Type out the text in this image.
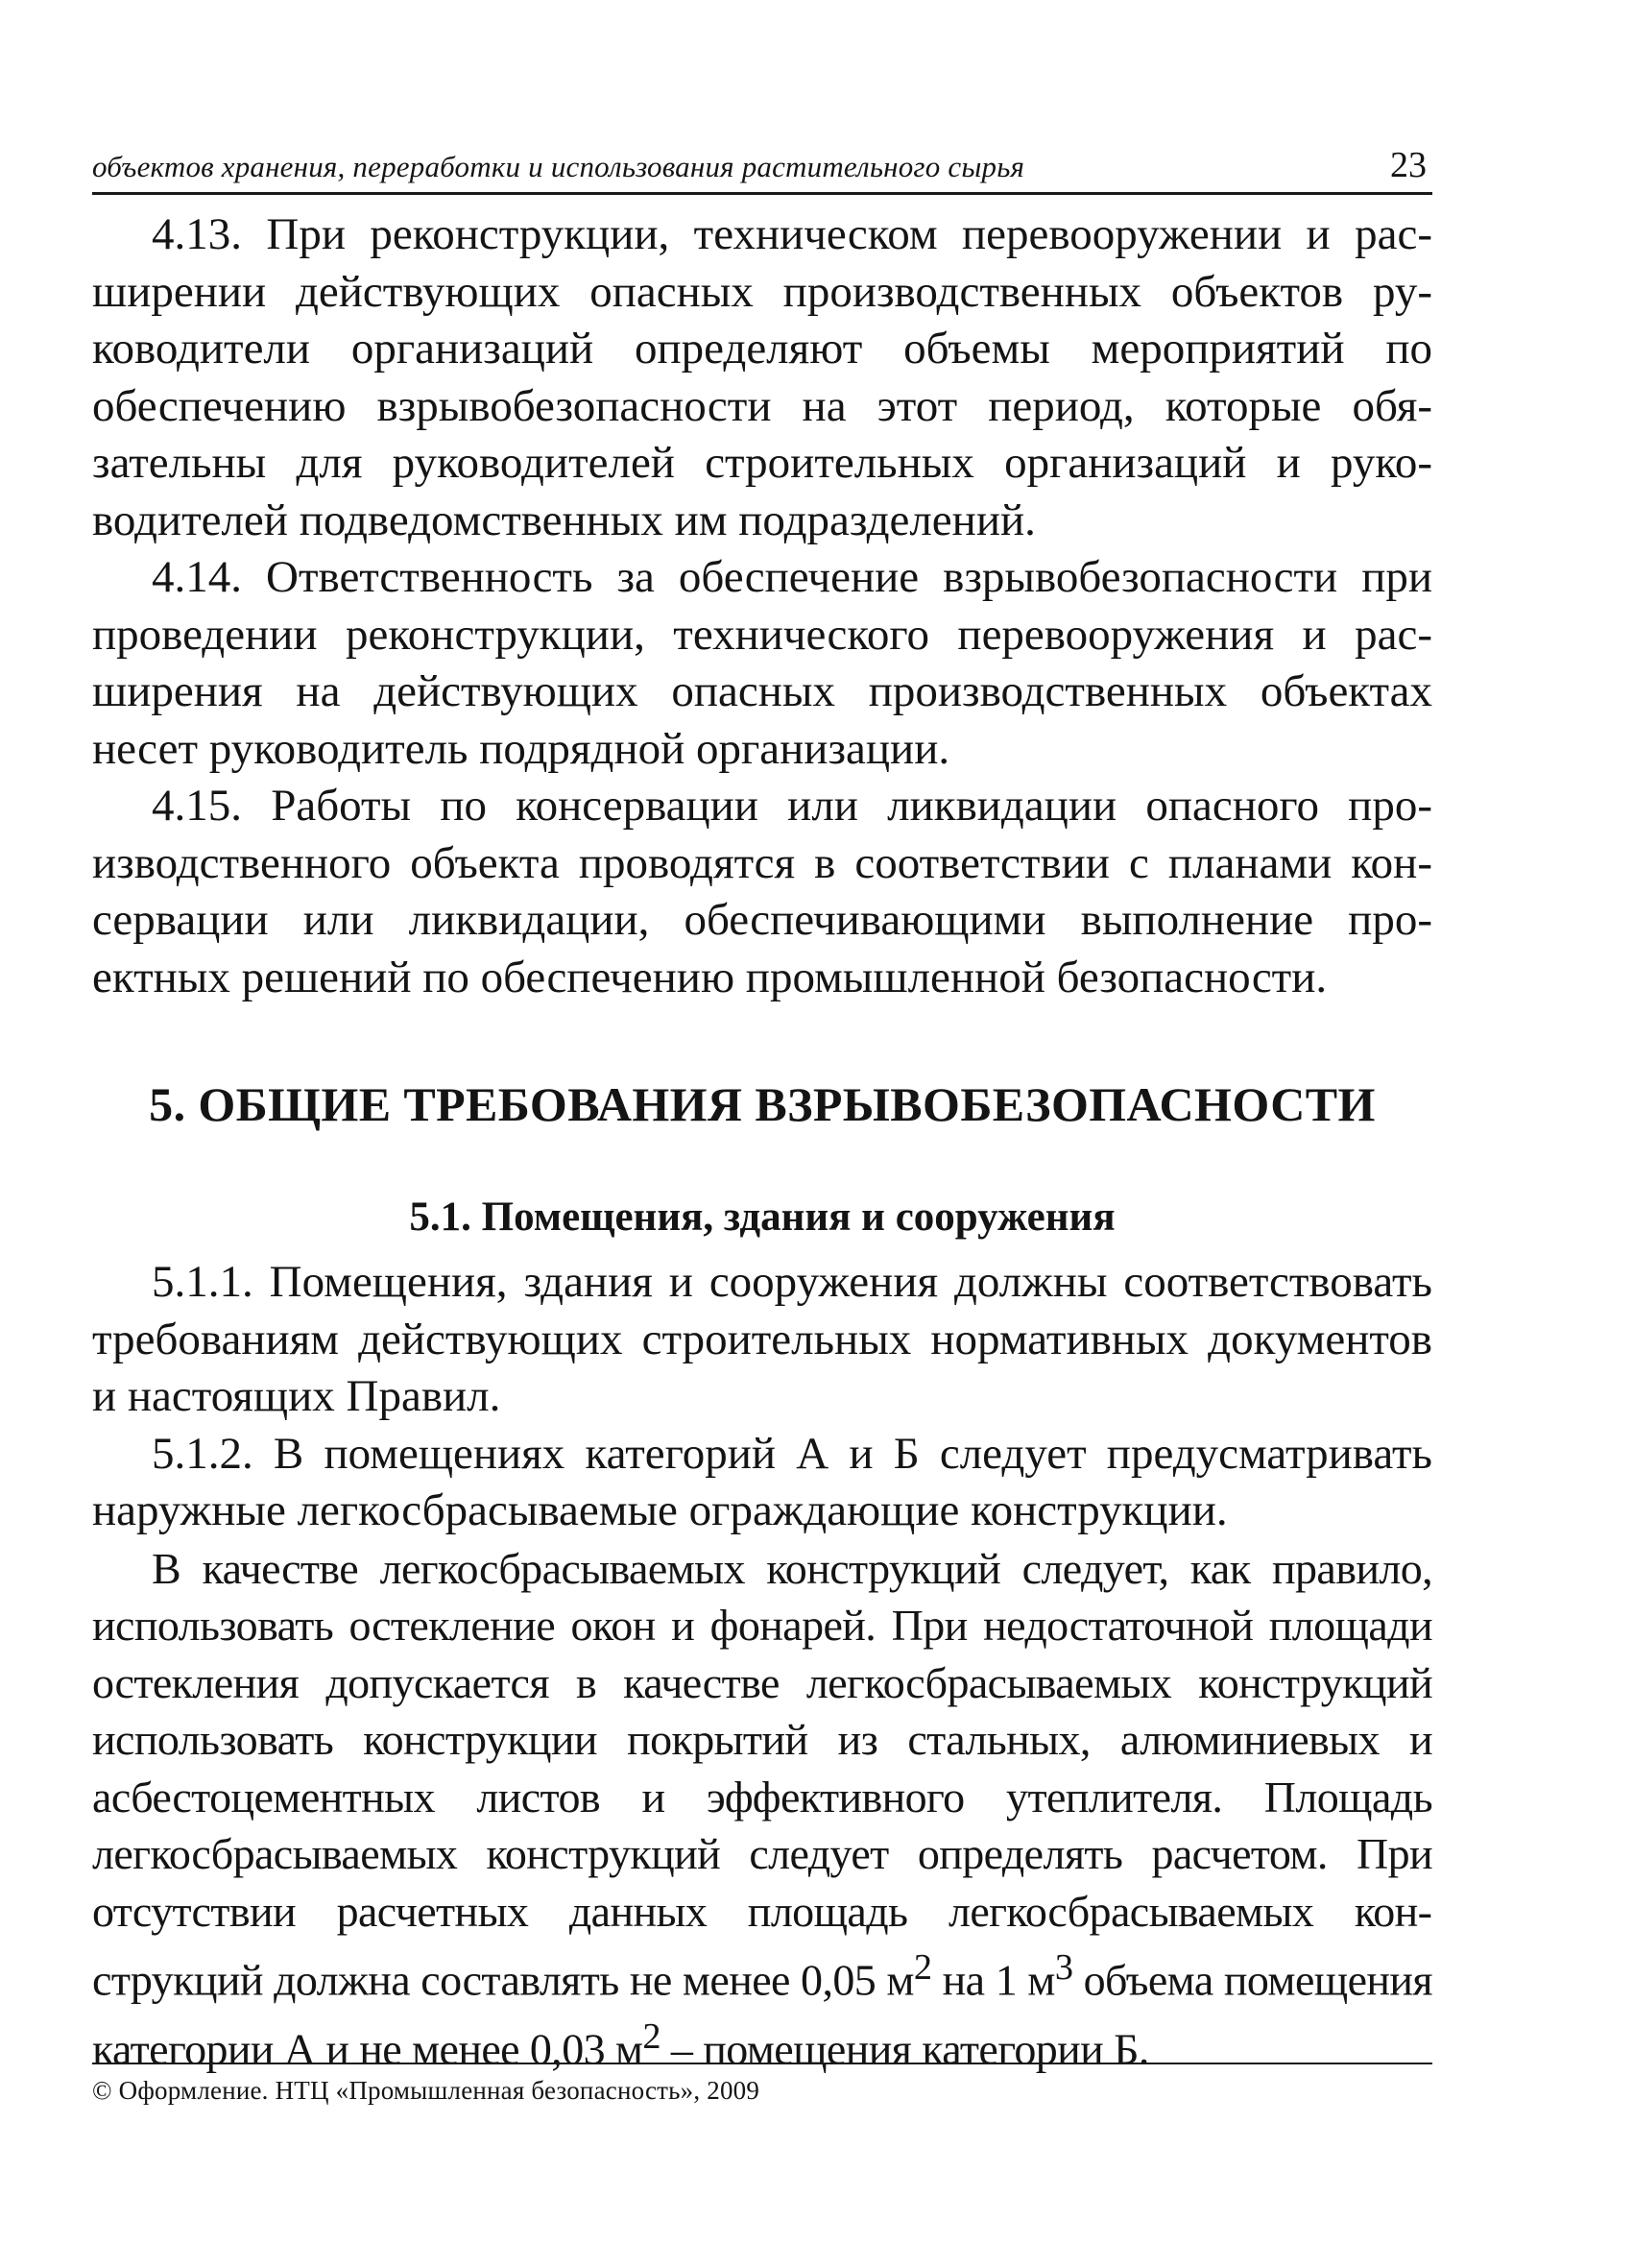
объектов хранения, переработки и использования растительного сырья	23

4.13. При реконструкции, техническом перевооружении и расширении действующих опасных производственных объектов руководители организаций определяют объемы мероприятий по обеспечению взрывобезопасности на этот период, которые обязательны для руководителей строительных организаций и руководителей подведомственных им подразделений.

4.14. Ответственность за обеспечение взрывобезопасности при проведении реконструкции, технического перевооружения и расширения на действующих опасных производственных объектах несет руководитель подрядной организации.

4.15. Работы по консервации или ликвидации опасного производственного объекта проводятся в соответствии с планами консервации или ликвидации, обеспечивающими выполнение проектных решений по обеспечению промышленной безопасности.

5. ОБЩИЕ ТРЕБОВАНИЯ ВЗРЫВОБЕЗОПАСНОСТИ
5.1. Помещения, здания и сооружения

5.1.1. Помещения, здания и сооружения должны соответствовать требованиям действующих строительных нормативных документов и настоящих Правил.

5.1.2. В помещениях категорий А и Б следует предусматривать наружные легкосбрасываемые ограждающие конструкции.

В качестве легкосбрасываемых конструкций следует, как правило, использовать остекление окон и фонарей. При недостаточной площади остекления допускается в качестве легкосбрасываемых конструкций использовать конструкции покрытий из стальных, алюминиевых и асбестоцементных листов и эффективного утеплителя. Площадь легкосбрасываемых конструкций следует определять расчетом. При отсутствии расчетных данных площадь легкосбрасываемых конструкций должна составлять не менее 0,05 $м^2$ на 1 $м^3$ объема помещения категории А и не менее 0,03 $м^2$ – помещения категории Б.

© Оформление. НТЦ «Промышленная безопасность», 2009
